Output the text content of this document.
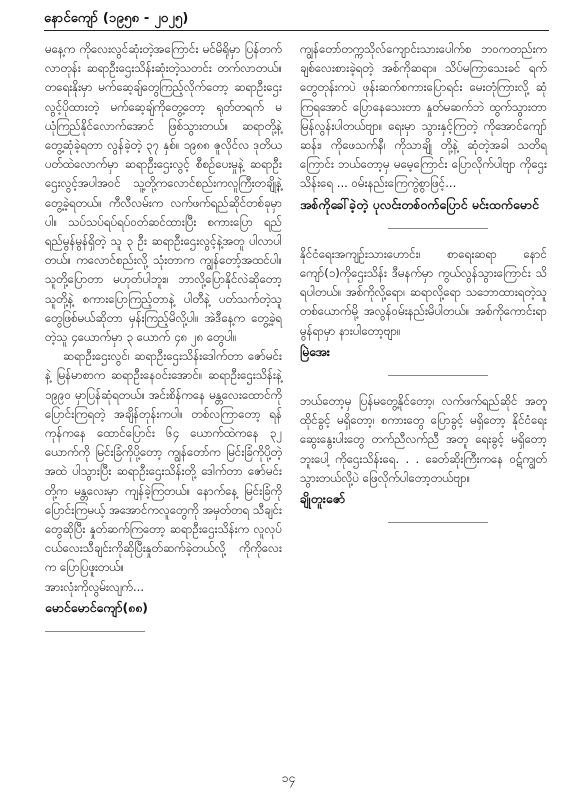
နောင်ကျော် (၁၉၅၈ - ၂၀၂၅)

မနေ့က ကိုလေးလွင်ဆုံးတဲ့အကြောင်း မင်မိရိုမှာ ပြန်တက်လာတုန်း ဆရာဦးဌေးသိန်းဆုံးတဲ့သတင်း တက်လာတယ်။ တရေးနိုးမှာ မက်ဆေ့ချ်တွေကြည့်လိုက်တော့ ဆရာဦးဌေးလွင့်ပိုထားတဲ့ မက်ဆေ့ချ်ကိုတွေ့တော့ ရုတ်တရက် မယုံကြည်နိုင်လောက်အောင် ဖြစ်သွားတယ်။ ဆရာတို့နဲ့ တွေ့ဆုံခဲ့ရတာ လွန်ခဲ့တဲ့ ၃၇ နှစ်။ ၁၉၈၈ ဇူလိုင်လ ဒုတိယပတ်ထဲလောက်မှာ ဆရာဦးဌေးလွင့် စီစဉ်ပေးမှုနဲ့ ဆရာဦးဌေးလွင့်အပါအဝင် သူ့တို့ကလောင်စည်းကလူကြီးတချို့နဲ့ တွေ့ခဲ့ရတယ်။ ကီလီလမ်းက လက်ဖက်ရည်ဆိုင်တစ်ခုမှာပါ။ သပ်သပ်ရပ်ရပ်ဝတ်ဆင်ထားပြီး စကားပြော ရည်ရည်မွန်မွန်ရှိတဲ့ သူ ၃ ဦး ဆရာဦးဌေးလွင့်နဲ့အတူ ပါလာပါတယ်။ ကလောင်စည်းလို့ သုံးတာက ကျွန်တော့်အထင်ပါ။ သူတို့ပြောတာ မဟုတ်ပါဘူး။ ဘာလို့ပြောနိုင်လဲဆိုတော့ သူတို့နဲ့ စကားပြောကြည့်တာနဲ့ ပါတီနဲ့ ပတ်သက်တဲ့သူတွေဖြစ်မယ်ဆိုတာ မှန်းကြည့်မိလို့ပါ။ အဲဒီနေ့က တွေ့ခဲ့ရတဲ့သူ ၄ယောက်မှာ ၃ ယောက် ၄၈ ၂၈ တွေပါ။

ဆရာဦးဌေးလွင်၊ ဆရာဦးဌေးသိန်းဒေါက်တာ ဇော်မင်းနဲ့ မြန်မာစာက ဆရာဦးနေဝင်းအောင်။ ဆရာဦးဌေးသိန်းနဲ့ ၁၉၉၀ မှာပြန်ဆုံရတယ်။ အင်းစိန်ကနေ မန္တလေးထောင်ကို ပြောင်းကြရတဲ့ အချိန်တုန်းကပါ။ တစ်လကြာတော့ ရန်ကုန်ကနေ ထောင်ပြောင်း ၆၄ ယောက်ထဲကနေ ၃၂ ယောက်ကို မြင်းခြံကိုပို့တော့ ကျွန်တော်က မြင်းခြံကိုပို့တဲ့အထဲ ပါသွားပြီး ဆရာဦးဌေးသိန်းတို့ ဒေါက်တာ ဇော်မင်းတို့က မန္တလေးမှာ ကျန်ခဲ့ကြတယ်။ နောက်နေ့ မြင်းခြံကိုပြောင်းကြမယ့် အအောင်ကလူတွေကို အမှတ်တရ သီချင်းတွေဆိုပြီး နှုတ်ဆက်ကြတော့ ဆရာဦးဌေးသိန်းက လူလုပ်ငယ်လေးသီချင်းကိုဆိုပြီးနှုတ်ဆက်ခဲ့တယ်လို့ ကိုကိုလေးက ပြောပြဖူးတယ်။

အားလုံးကိုလွမ်းလျက်...

မောင်မောင်ကျော်(၈၈)

ကျွန်တော်တက္ကသိုလ်ကျောင်းသားပေါက်စ ဘဝကတည်းက ချစ်လေးစားခဲ့ရတဲ့ အစ်ကိုဆရာ။ သိပ်မကြာသေးခင် ရက်တွေတုန်းကပဲ ဖုန်းဆက်စကားပြောရင်း မေးတုံကြားလို့ ဆုံကြရအောင် ပြောနေသေးတာ နှုတ်မဆက်ဘဲ ထွက်သွားတာ မြန်လွန်းပါတယ်ဗျာ။ ရေးမှာ သွားနှင့်ကြတဲ့ ကိုအောင်ကျော်ဆန်း၊ ကိုဖေသက်နီ၊ ကိုသာချို တို့နဲ့ ဆုံတဲ့အခါ သတိရကြောင်း ဘယ်တော့မှ မမေ့ကြောင်း ပြောလိုက်ပါဗျာ ကိုဌေးသိန်းရေ ... ဝမ်းနည်းကြေကွဲစွာဖြင့်...

အစ်ကိုခေါ်ခဲ့တဲ့ ပုလင်းတစ်ဝက်ပြောင် မင်းထက်မောင်

နိုင်ငံရေးအကျဉ်းသားဟောင်း၊ စာရေးဆရာ နောင်ကျော်(၁)ကိုဌေးသိန်း ဒီမနက်မှာ ကွယ်လွန်သွားကြောင်း သိရပါတယ်။ အစ်ကိုလို့ရော၊ ဆရာလို့ရော သဘောထားရတဲ့သူ တစ်ယောက်မို့ အလွန်ဝမ်းနည်းမိပါတယ်။ အစ်ကိုကောင်းရာမွန်ရာမှာ နားပါတော့ဗျာ။

မြဲအေး

ဘယ်တော့မှ ပြန်မတွေ့နိုင်တော့၊ လက်ဖက်ရည်ဆိုင် အတူထိုင်ခွင့် မရှိတော့၊ စကားတွေ ပြောခွင့် မရှိတော့ နိုင်ငံရေးဆွေးနွေးပါးတွေ တက်ညီလက်ညီ အတူ ရေးခွင့် မရှိတော့ဘူးပေါ့ ကိုဌေးသိန်းရေ. . . ခေတ်ဆိုးကြီးကနေ ဝဋ်ကျွတ်သွားတယ်လို့ပဲ ဖြေလိုက်ပါတော့တယ်ဗျာ။

ချိုတူးဇော်
၁၄
